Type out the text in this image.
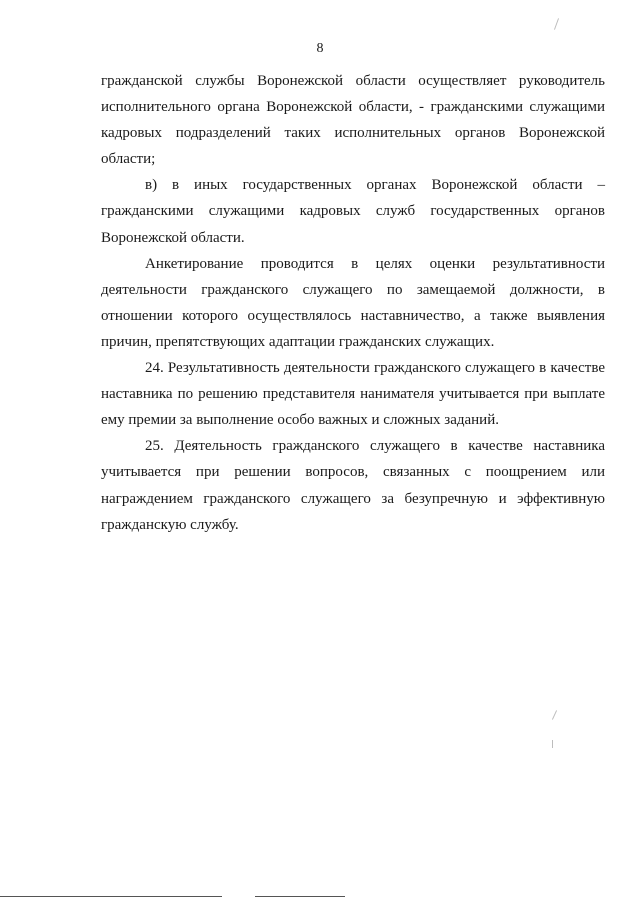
8

гражданской службы Воронежской области осуществляет руководитель исполнительного органа Воронежской области, - гражданскими служащими кадровых подразделений таких исполнительных органов Воронежской области;

в) в иных государственных органах Воронежской области – гражданскими служащими кадровых служб государственных органов Воронежской области.

Анкетирование проводится в целях оценки результативности деятельности гражданского служащего по замещаемой должности, в отношении которого осуществлялось наставничество, а также выявления причин, препятствующих адаптации гражданских служащих.

24. Результативность деятельности гражданского служащего в качестве наставника по решению представителя нанимателя учитывается при выплате ему премии за выполнение особо важных и сложных заданий.

25. Деятельность гражданского служащего в качестве наставника учитывается при решении вопросов, связанных с поощрением или награждением гражданского служащего за безупречную и эффективную гражданскую службу.
